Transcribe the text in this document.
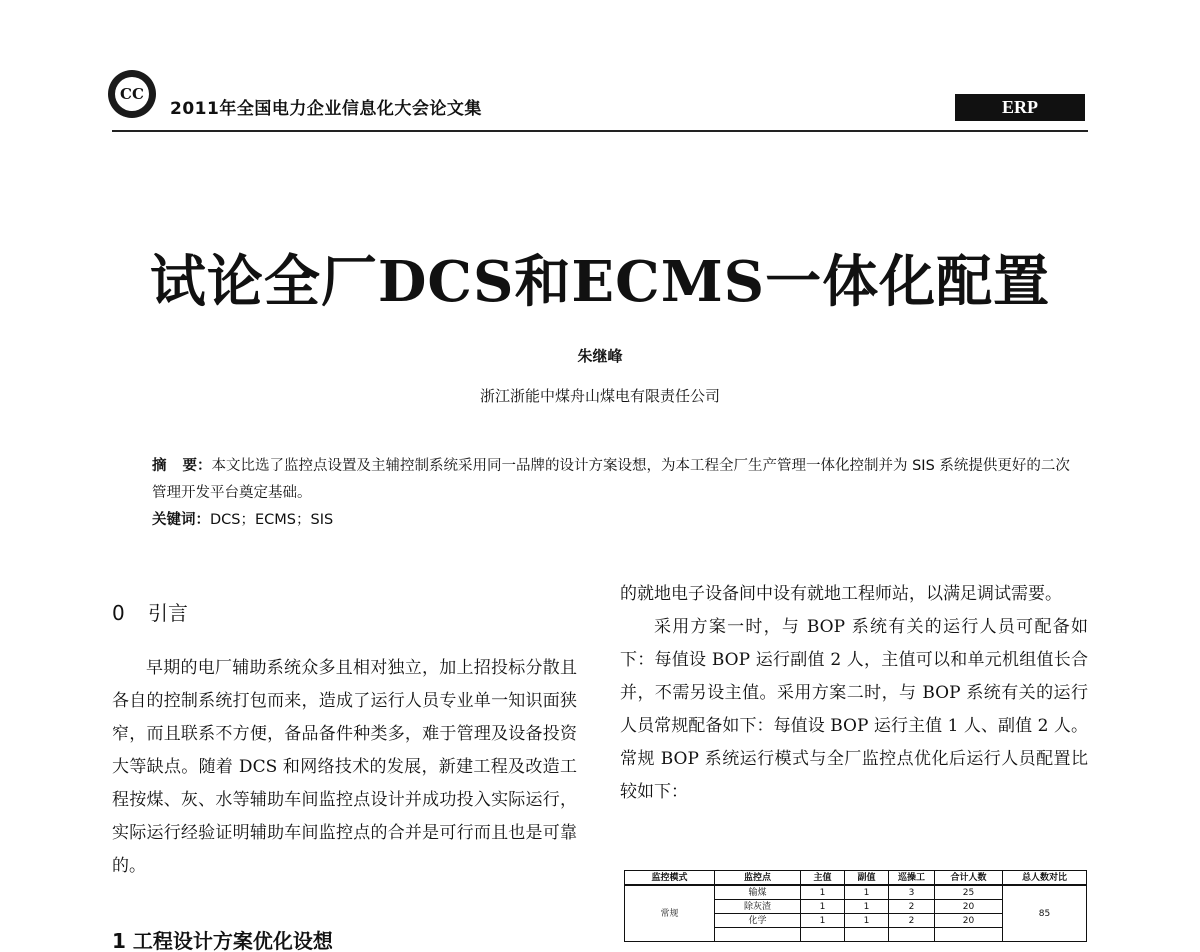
CC
2011年全国电力企业信息化大会论文集	ERP
试论全厂DCS和ECMS一体化配置
朱继峰
浙江浙能中煤舟山煤电有限责任公司
摘 要：本文比选了监控点设置及主辅控制系统采用同一品牌的设计方案设想，为本工程全厂生产管理一体化控制并为 SIS 系统提供更好的二次管理开发平台奠定基础。
关键词：DCS；ECMS；SIS
0 引言

早期的电厂辅助系统众多且相对独立，加上招投标分散且各自的控制系统打包而来，造成了运行人员专业单一知识面狭窄，而且联系不方便，备品备件种类多，难于管理及设备投资大等缺点。随着 DCS 和网络技术的发展，新建工程及改造工程按煤、灰、水等辅助车间监控点设计并成功投入实际运行，实际运行经验证明辅助车间监控点的合并是可行而且也是可靠的。

1 工程设计方案优化设想

的就地电子设备间中设有就地工程师站，以满足调试需要。

采用方案一时，与 BOP 系统有关的运行人员可配备如下：每值设 BOP 运行副值 2 人，主值可以和单元机组值长合并，不需另设主值。采用方案二时，与 BOP 系统有关的运行人员常规配备如下：每值设 BOP 运行主值 1 人、副值 2 人。常规 BOP 系统运行模式与全厂监控点优化后运行人员配置比较如下：

监控模式	监控点	主值	副值	巡操工	合计人数	总人数对比
常规	输煤	1	1	3	25	85
	除灰渣	1	1	2	20	
	化学	1	1	2	20	
